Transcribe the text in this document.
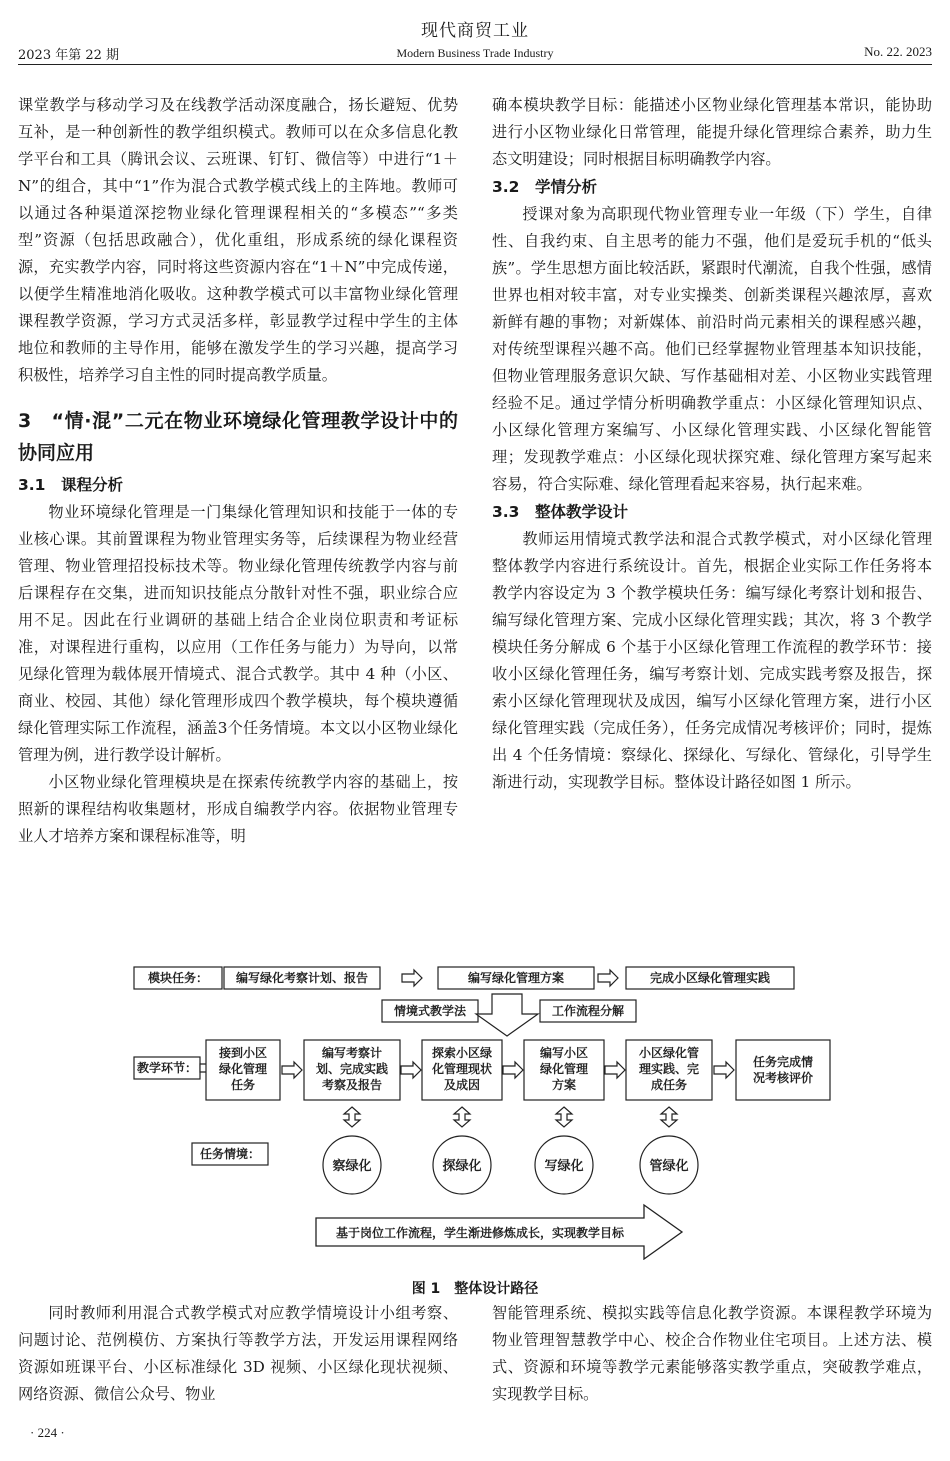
现代商贸工业
2023 年第 22 期	Modern Business Trade Industry	No. 22. 2023

课堂教学与移动学习及在线教学活动深度融合，扬长避短、优势互补，是一种创新性的教学组织模式。教师可以在众多信息化教学平台和工具（腾讯会议、云班课、钉钉、微信等）中进行“1＋N”的组合，其中“1”作为混合式教学模式线上的主阵地。教师可以通过各种渠道深挖物业绿化管理课程相关的“多模态”“多类型”资源（包括思政融合），优化重组，形成系统的绿化课程资源，充实教学内容，同时将这些资源内容在“1＋N”中完成传递，以便学生精准地消化吸收。这种教学模式可以丰富物业绿化管理课程教学资源，学习方式灵活多样，彰显教学过程中学生的主体地位和教师的主导作用，能够在激发学生的学习兴趣，提高学习积极性，培养学习自主性的同时提高教学质量。

3　“情·混”二元在物业环境绿化管理教学设计中的协同应用
3.1　课程分析

物业环境绿化管理是一门集绿化管理知识和技能于一体的专业核心课。其前置课程为物业管理实务等，后续课程为物业经营管理、物业管理招投标技术等。物业绿化管理传统教学内容与前后课程存在交集，进而知识技能点分散针对性不强，职业综合应用不足。因此在行业调研的基础上结合企业岗位职责和考证标准，对课程进行重构，以应用（工作任务与能力）为导向，以常见绿化管理为载体展开情境式、混合式教学。其中 4 种（小区、商业、校园、其他）绿化管理形成四个教学模块，每个模块遵循绿化管理实际工作流程，涵盖3个任务情境。本文以小区物业绿化管理为例，进行教学设计解析。

小区物业绿化管理模块是在探索传统教学内容的基础上，按照新的课程结构收集题材，形成自编教学内容。依据物业管理专业人才培养方案和课程标准等，明

确本模块教学目标：能描述小区物业绿化管理基本常识，能协助进行小区物业绿化日常管理，能提升绿化管理综合素养，助力生态文明建设；同时根据目标明确教学内容。

3.2　学情分析

授课对象为高职现代物业管理专业一年级（下）学生，自律性、自我约束、自主思考的能力不强，他们是爱玩手机的“低头族”。学生思想方面比较活跃，紧跟时代潮流，自我个性强，感情世界也相对较丰富，对专业实操类、创新类课程兴趣浓厚，喜欢新鲜有趣的事物；对新媒体、前沿时尚元素相关的课程感兴趣，对传统型课程兴趣不高。他们已经掌握物业管理基本知识技能，但物业管理服务意识欠缺、写作基础相对差、小区物业实践管理经验不足。通过学情分析明确教学重点：小区绿化管理知识点、小区绿化管理方案编写、小区绿化管理实践、小区绿化智能管理；发现教学难点：小区绿化现状探究难、绿化管理方案写起来容易，符合实际难、绿化管理看起来容易，执行起来难。

3.3　整体教学设计

教师运用情境式教学法和混合式教学模式，对小区绿化管理整体教学内容进行系统设计。首先，根据企业实际工作任务将本教学内容设定为 3 个教学模块任务：编写绿化考察计划和报告、编写绿化管理方案、完成小区绿化管理实践；其次，将 3 个教学模块任务分解成 6 个基于小区绿化管理工作流程的教学环节：接收小区绿化管理任务，编写考察计划、完成实践考察及报告，探索小区绿化管理现状及成因，编写小区绿化管理方案，进行小区绿化管理实践（完成任务），任务完成情况考核评价；同时，提炼出 4 个任务情境：察绿化、探绿化、写绿化、管绿化，引导学生渐进行动，实现教学目标。整体设计路径如图 1 所示。

模块任务： 编写绿化考察计划、报告	编写绿化管理方案	完成小区绿化管理实践
情境式教学法	工作流程分解
教学环节：
接到小区
绿化管理
任务
编写考察计
划、完成实践
考察及报告
探索小区绿
化管理现状
及成因
编写小区
绿化管理
方案
小区绿化管
理实践、完
成任务
任务完成情
况考核评价
任务情境：
察绿化	探绿化	写绿化	管绿化
基于岗位工作流程，学生渐进修炼成长，实现教学目标
图 1　整体设计路径

同时教师利用混合式教学模式对应教学情境设计小组考察、问题讨论、范例模仿、方案执行等教学方法，开发运用课程网络资源如班课平台、小区标准绿化 3D 视频、小区绿化现状视频、网络资源、微信公众号、物业

智能管理系统、模拟实践等信息化教学资源。本课程教学环境为物业管理智慧教学中心、校企合作物业住宅项目。上述方法、模式、资源和环境等教学元素能够落实教学重点，突破教学难点，实现教学目标。

· 224 ·
